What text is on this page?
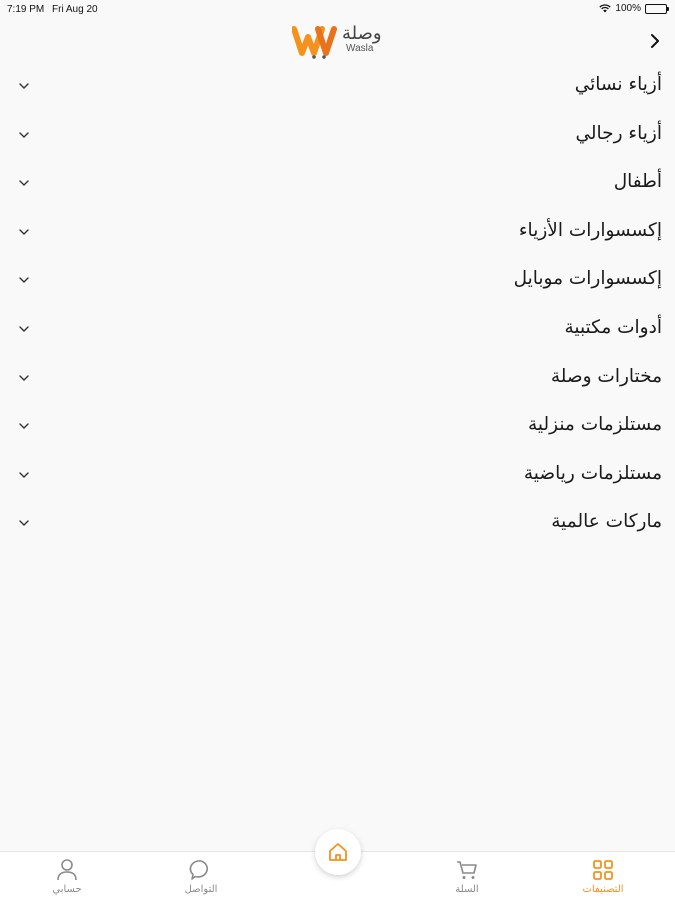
7:19 PM Fri Aug 20	100%
وصلة
Wasla
أزياء نسائي
أزياء رجالي
أطفال
إكسسوارات الأزياء
إكسسوارات موبايل
أدوات مكتبية
مختارات وصلة
مستلزمات منزلية
مستلزمات رياضية
ماركات عالمية
حسابي	التواصل	السلة	التصنيفات
